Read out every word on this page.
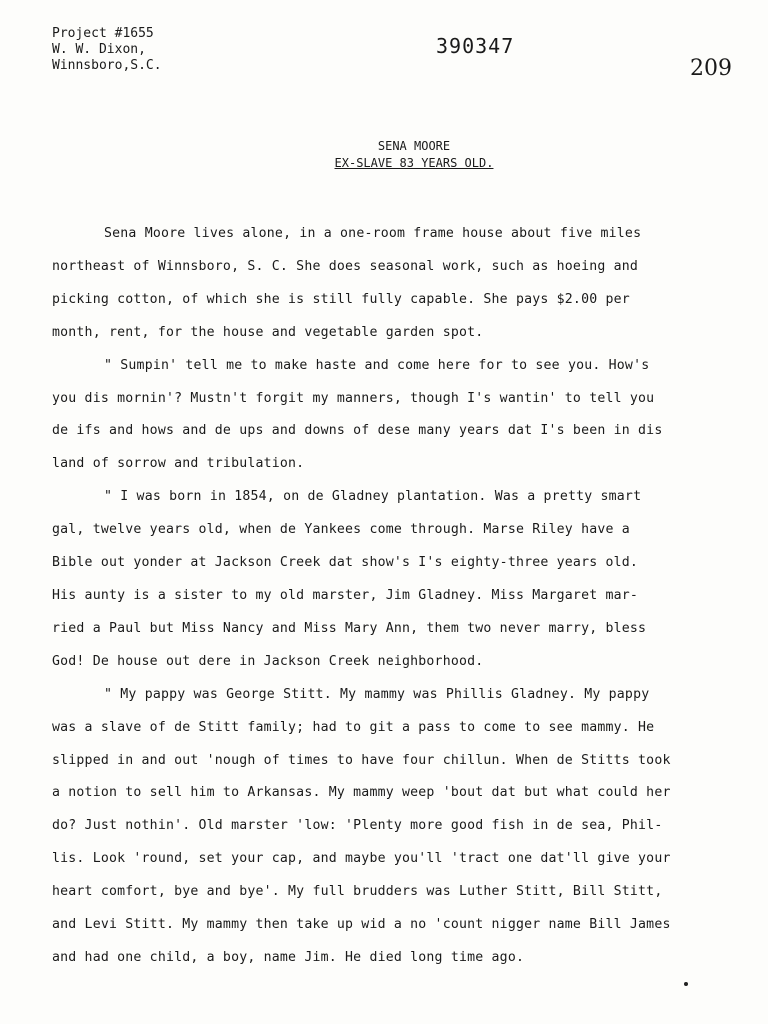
Project #1655
W. W. Dixon,
Winnsboro,S.C.
390347
209
SENA MOORE
EX-SLAVE 83 YEARS OLD.
Sena Moore lives alone, in a one-room frame house about five miles
northeast of Winnsboro, S. C. She does seasonal work, such as hoeing and
picking cotton, of which she is still fully capable. She pays $2.00 per
month, rent, for the house and vegetable garden spot.
" Sumpin' tell me to make haste and come here for to see you. How's
you dis mornin'? Mustn't forgit my manners, though I's wantin' to tell you
de ifs and hows and de ups and downs of dese many years dat I's been in dis
land of sorrow and tribulation.
" I was born in 1854, on de Gladney plantation. Was a pretty smart
gal, twelve years old, when de Yankees come through. Marse Riley have a
Bible out yonder at Jackson Creek dat show's I's eighty-three years old.
His aunty is a sister to my old marster, Jim Gladney. Miss Margaret mar-
ried a Paul but Miss Nancy and Miss Mary Ann, them two never marry, bless
God! De house out dere in Jackson Creek neighborhood.
" My pappy was George Stitt. My mammy was Phillis Gladney. My pappy
was a slave of de Stitt family; had to git a pass to come to see mammy. He
slipped in and out 'nough of times to have four chillun. When de Stitts took
a notion to sell him to Arkansas. My mammy weep 'bout dat but what could her
do? Just nothin'. Old marster 'low: 'Plenty more good fish in de sea, Phil-
lis. Look 'round, set your cap, and maybe you'll 'tract one dat'll give your
heart comfort, bye and bye'. My full brudders was Luther Stitt, Bill Stitt,
and Levi Stitt. My mammy then take up wid a no 'count nigger name Bill James
and had one child, a boy, name Jim. He died long time ago.
